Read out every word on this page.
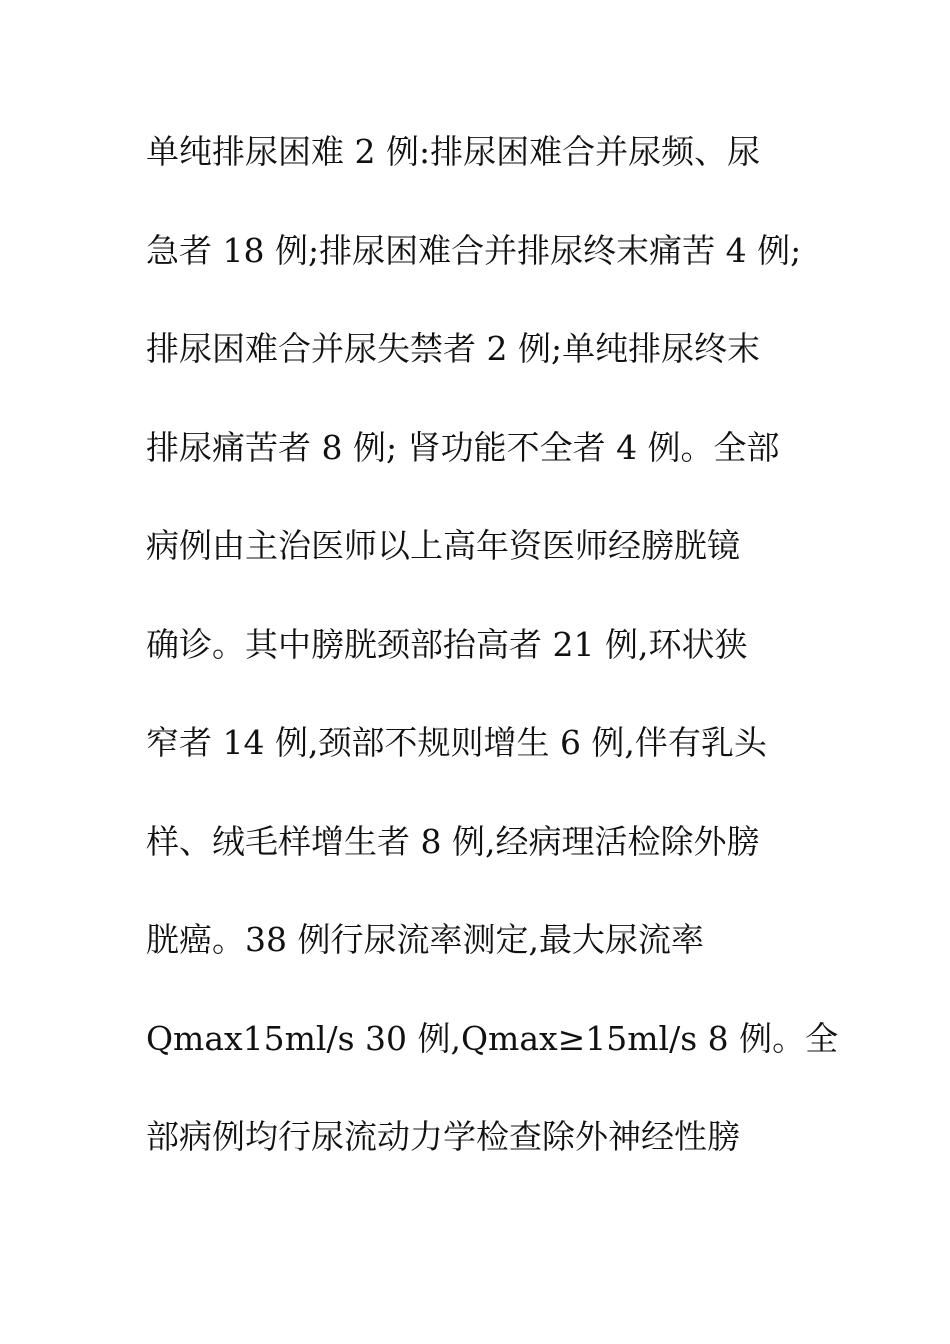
单纯排尿困难 2 例:排尿困难合并尿频、尿
急者 18 例;排尿困难合并排尿终末痛苦 4 例;
排尿困难合并尿失禁者 2 例;单纯排尿终末
排尿痛苦者 8 例; 肾功能不全者 4 例。全部
病例由主治医师以上高年资医师经膀胱镜
确诊。其中膀胱颈部抬高者 21 例,环状狭
窄者 14 例,颈部不规则增生 6 例,伴有乳头
样、绒毛样增生者 8 例,经病理活检除外膀
胱癌。38 例行尿流率测定,最大尿流率
Qmax15ml/s 30 例,Qmax≥15ml/s 8 例。全
部病例均行尿流动力学检查除外神经性膀
